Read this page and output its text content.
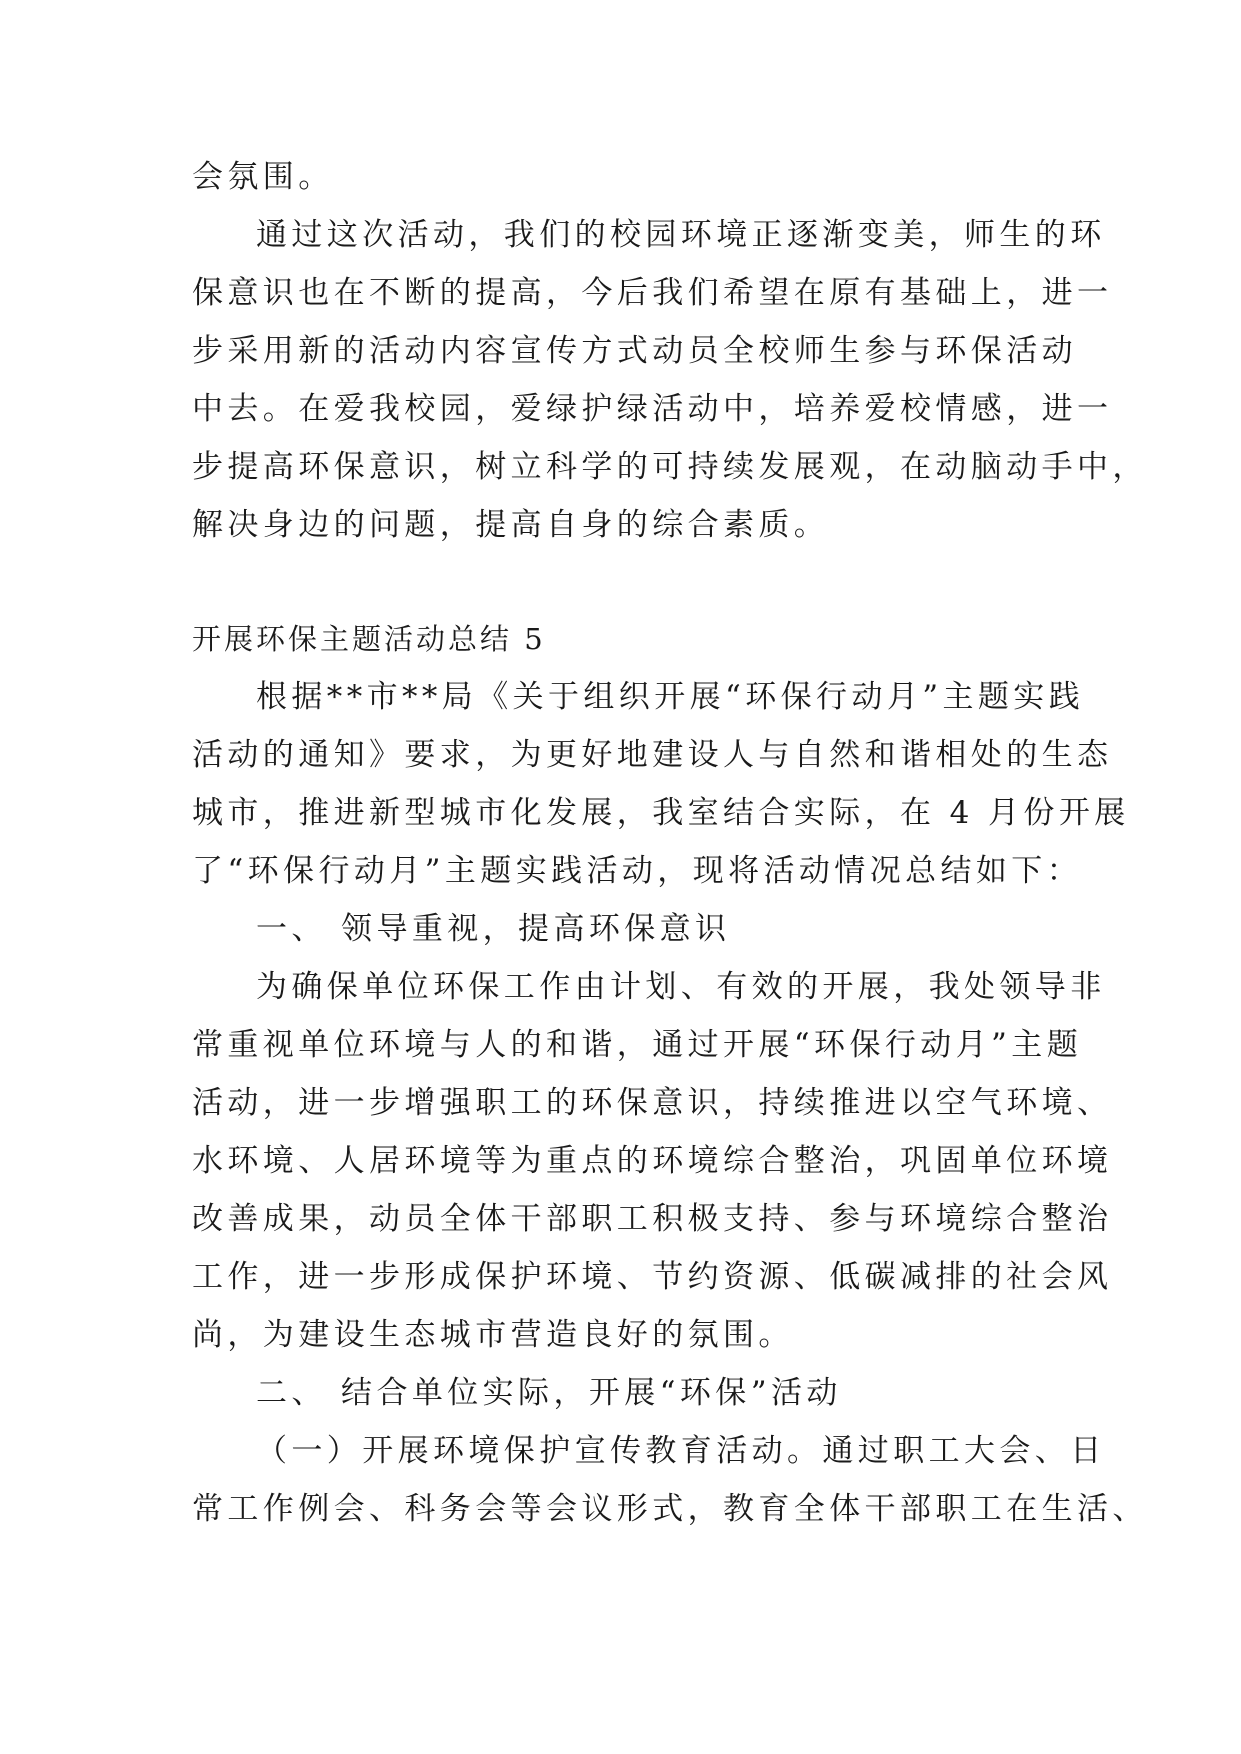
会氛围。
通过这次活动，我们的校园环境正逐渐变美，师生的环
保意识也在不断的提高，今后我们希望在原有基础上，进一
步采用新的活动内容宣传方式动员全校师生参与环保活动
中去。在爱我校园，爱绿护绿活动中，培养爱校情感，进一
步提高环保意识，树立科学的可持续发展观，在动脑动手中，
解决身边的问题，提高自身的综合素质。
开展环保主题活动总结 5
根据**市**局《关于组织开展“环保行动月”主题实践
活动的通知》要求，为更好地建设人与自然和谐相处的生态
城市，推进新型城市化发展，我室结合实际，在 4 月份开展
了“环保行动月”主题实践活动，现将活动情况总结如下：
一、 领导重视，提高环保意识
为确保单位环保工作由计划、有效的开展，我处领导非
常重视单位环境与人的和谐，通过开展“环保行动月”主题
活动，进一步增强职工的环保意识，持续推进以空气环境、
水环境、人居环境等为重点的环境综合整治，巩固单位环境
改善成果，动员全体干部职工积极支持、参与环境综合整治
工作，进一步形成保护环境、节约资源、低碳减排的社会风
尚，为建设生态城市营造良好的氛围。
二、 结合单位实际，开展“环保”活动
（一）开展环境保护宣传教育活动。通过职工大会、日
常工作例会、科务会等会议形式，教育全体干部职工在生活、
